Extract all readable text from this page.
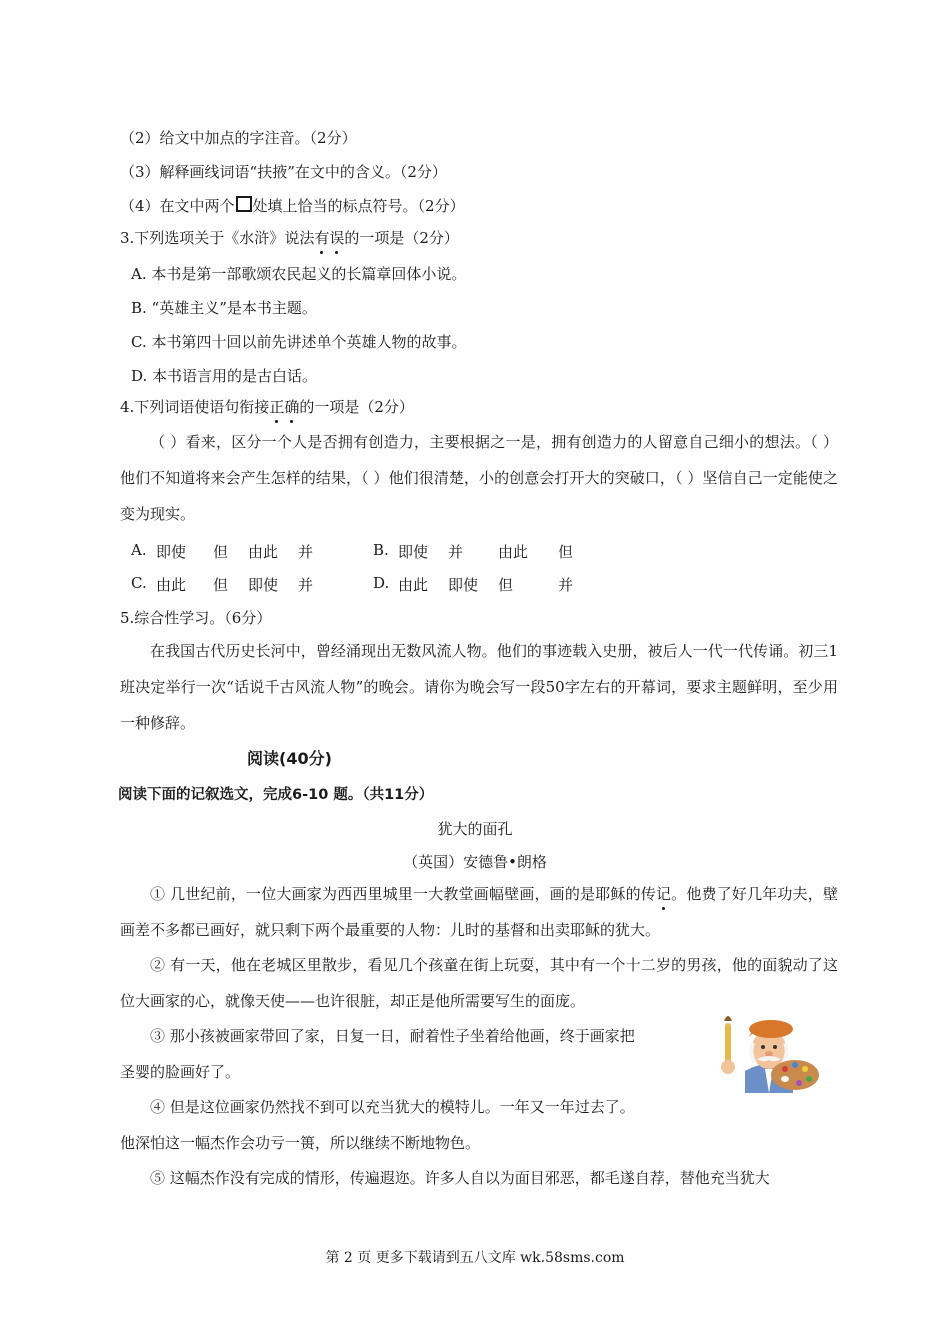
（2）给文中加点的字注音。（2分）
（3）解释画线词语“扶掖”在文中的含义。（2分）
（4）在文中两个 处填上恰当的标点符号。（2分）
3.下列选项关于《水浒》说法有误的一项是（2分）
A. 本书是第一部歌颂农民起义的长篇章回体小说。
B. “英雄主义”是本书主题。
C. 本书第四十回以前先讲述单个英雄人物的故事。
D. 本书语言用的是古白话。
4.下列词语使语句衔接正确的一项是（2分）
（ ）看来，区分一个人是否拥有创造力，主要根据之一是，拥有创造力的人留意自己细小的想法。（ ）他们不知道将来会产生怎样的结果，（ ）他们很清楚，小的创意会打开大的突破口，（ ）坚信自己一定能使之变为现实。
A. 即使 但 由此 并	B. 即使 并 由此 但
C. 由此 但 即使 并	D. 由此 即使 但	并
5.综合性学习。（6分）
在我国古代历史长河中，曾经涌现出无数风流人物。他们的事迹载入史册，被后人一代一代传诵。初三1班决定举行一次“话说千古风流人物”的晚会。请你为晚会写一段50字左右的开幕词，要求主题鲜明，至少用一种修辞。
阅读(40分)
阅读下面的记叙选文，完成6-10 题。（共11分）
犹大的面孔
（英国）安德鲁•朗格
① 几世纪前，一位大画家为西西里城里一大教堂画幅壁画，画的是耶稣的传记。他费了好几年功夫，壁画差不多都已画好，就只剩下两个最重要的人物：儿时的基督和出卖耶稣的犹大。
② 有一天，他在老城区里散步，看见几个孩童在街上玩耍，其中有一个十二岁的男孩，他的面貌动了这位大画家的心，就像天使——也许很脏，却正是他所需要写生的面庞。
③ 那小孩被画家带回了家，日复一日，耐着性子坐着给他画，终于画家把
圣婴的脸画好了。
④ 但是这位画家仍然找不到可以充当犹大的模特儿。一年又一年过去了。
他深怕这一幅杰作会功亏一篑，所以继续不断地物色。
⑤ 这幅杰作没有完成的情形，传遍遐迩。许多人自以为面目邪恶，都毛遂自荐，替他充当犹大
第 2 页 更多下载请到五八文库 wk.58sms.com
